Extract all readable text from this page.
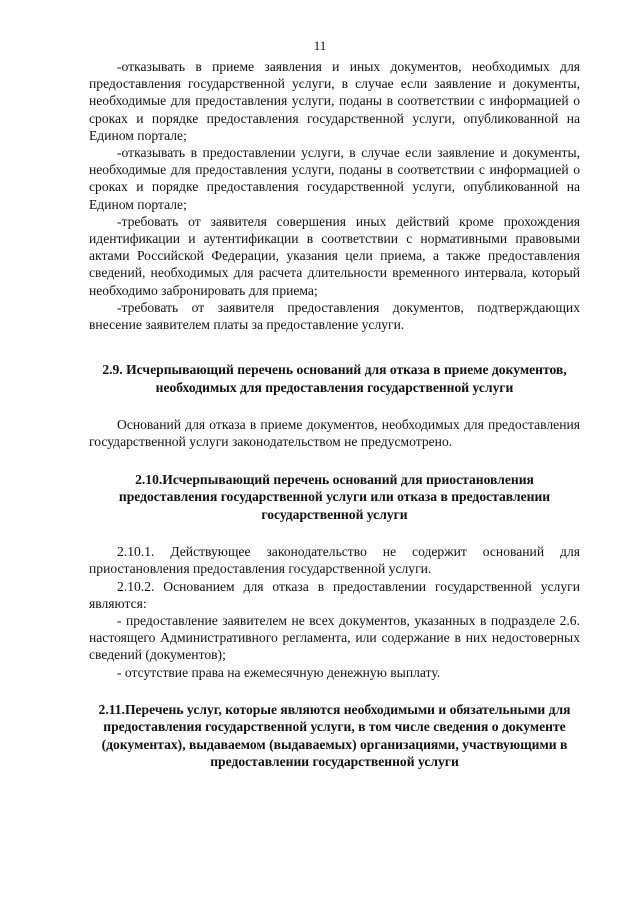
11

-отказывать в приеме заявления и иных документов, необходимых для предоставления государственной услуги, в случае если заявление и документы, необходимые для предоставления услуги, поданы в соответствии с информацией о сроках и порядке предоставления государственной услуги, опубликованной на Едином портале;

-отказывать в предоставлении услуги, в случае если заявление и документы, необходимые для предоставления услуги, поданы в соответствии с информацией о сроках и порядке предоставления государственной услуги, опубликованной на Едином портале;

-требовать от заявителя совершения иных действий кроме прохождения идентификации и аутентификации в соответствии с нормативными правовыми актами Российской Федерации, указания цели приема, а также предоставления сведений, необходимых для расчета длительности временного интервала, который необходимо забронировать для приема;

-требовать от заявителя предоставления документов, подтверждающих внесение заявителем платы за предоставление услуги.

2.9. Исчерпывающий перечень оснований для отказа в приеме документов, необходимых для предоставления государственной услуги

Оснований для отказа в приеме документов, необходимых для предоставления государственной услуги законодательством не предусмотрено.

2.10.Исчерпывающий перечень оснований для приостановления предоставления государственной услуги или отказа в предоставлении государственной услуги

2.10.1. Действующее законодательство не содержит оснований для приостановления предоставления государственной услуги.

2.10.2. Основанием для отказа в предоставлении государственной услуги являются:

- предоставление заявителем не всех документов, указанных в подразделе 2.6. настоящего Административного регламента, или содержание в них недостоверных сведений (документов);

- отсутствие права на ежемесячную денежную выплату.

2.11.Перечень услуг, которые являются необходимыми и обязательными для предоставления государственной услуги, в том числе сведения о документе (документах), выдаваемом (выдаваемых) организациями, участвующими в предоставлении государственной услуги
